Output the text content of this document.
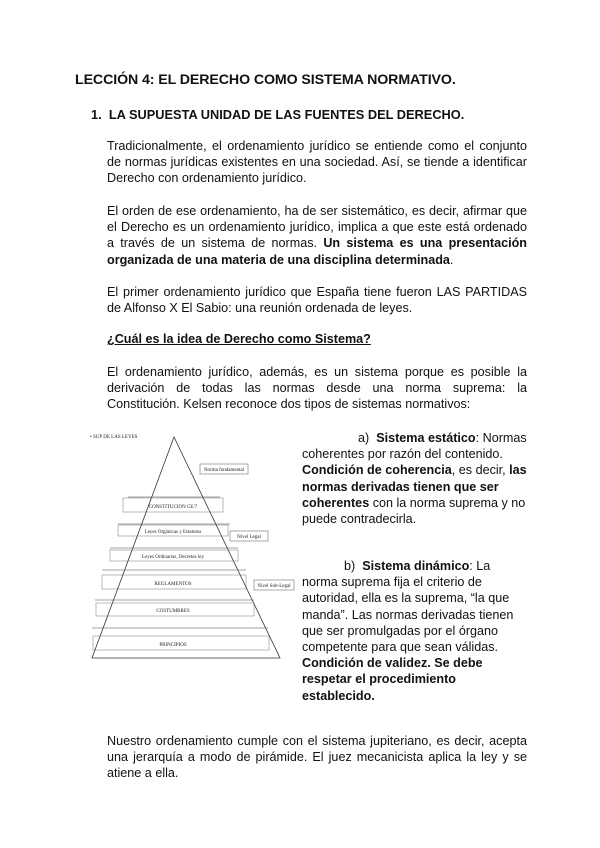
LECCIÓN 4: EL DERECHO COMO SISTEMA NORMATIVO.
1. LA SUPUESTA UNIDAD DE LAS FUENTES DEL DERECHO.

Tradicionalmente, el ordenamiento jurídico se entiende como el conjunto de normas jurídicas existentes en una sociedad. Así, se tiende a identificar Derecho con ordenamiento jurídico.

El orden de ese ordenamiento, ha de ser sistemático, es decir, afirmar que el Derecho es un ordenamiento jurídico, implica a que este está ordenado a través de un sistema de normas. Un sistema es una presentación organizada de una materia de una disciplina determinada.

El primer ordenamiento jurídico que España tiene fueron LAS PARTIDAS de Alfonso X El Sabio: una reunión ordenada de leyes.

¿Cuál es la idea de Derecho como Sistema?

El ordenamiento jurídico, además, es un sistema porque es posible la derivación de todas las normas desde una norma suprema: la Constitución. Kelsen reconoce dos tipos de sistemas normativos:

• SUP DE LAS LEYES
CONSTITUCION CE/7
Leyes Orgánicas y Estatutos
Leyes Ordinarias, Decretos ley
REGLAMENTOS
COSTUMBRES
PRINCIPIOS
Norma fundamental
Nivel Legal
Nivel Sub-Legal

a) Sistema estático: Normas coherentes por razón del contenido. Condición de coherencia, es decir, las normas derivadas tienen que ser coherentes con la norma suprema y no puede contradecirla.

b) Sistema dinámico: La norma suprema fija el criterio de autoridad, ella es la suprema, “la que manda”. Las normas derivadas tienen que ser promulgadas por el órgano competente para que sean válidas. Condición de validez. Se debe respetar el procedimiento establecido.

Nuestro ordenamiento cumple con el sistema jupiteriano, es decir, acepta una jerarquía a modo de pirámide. El juez mecanicista aplica la ley y se atiene a ella.
